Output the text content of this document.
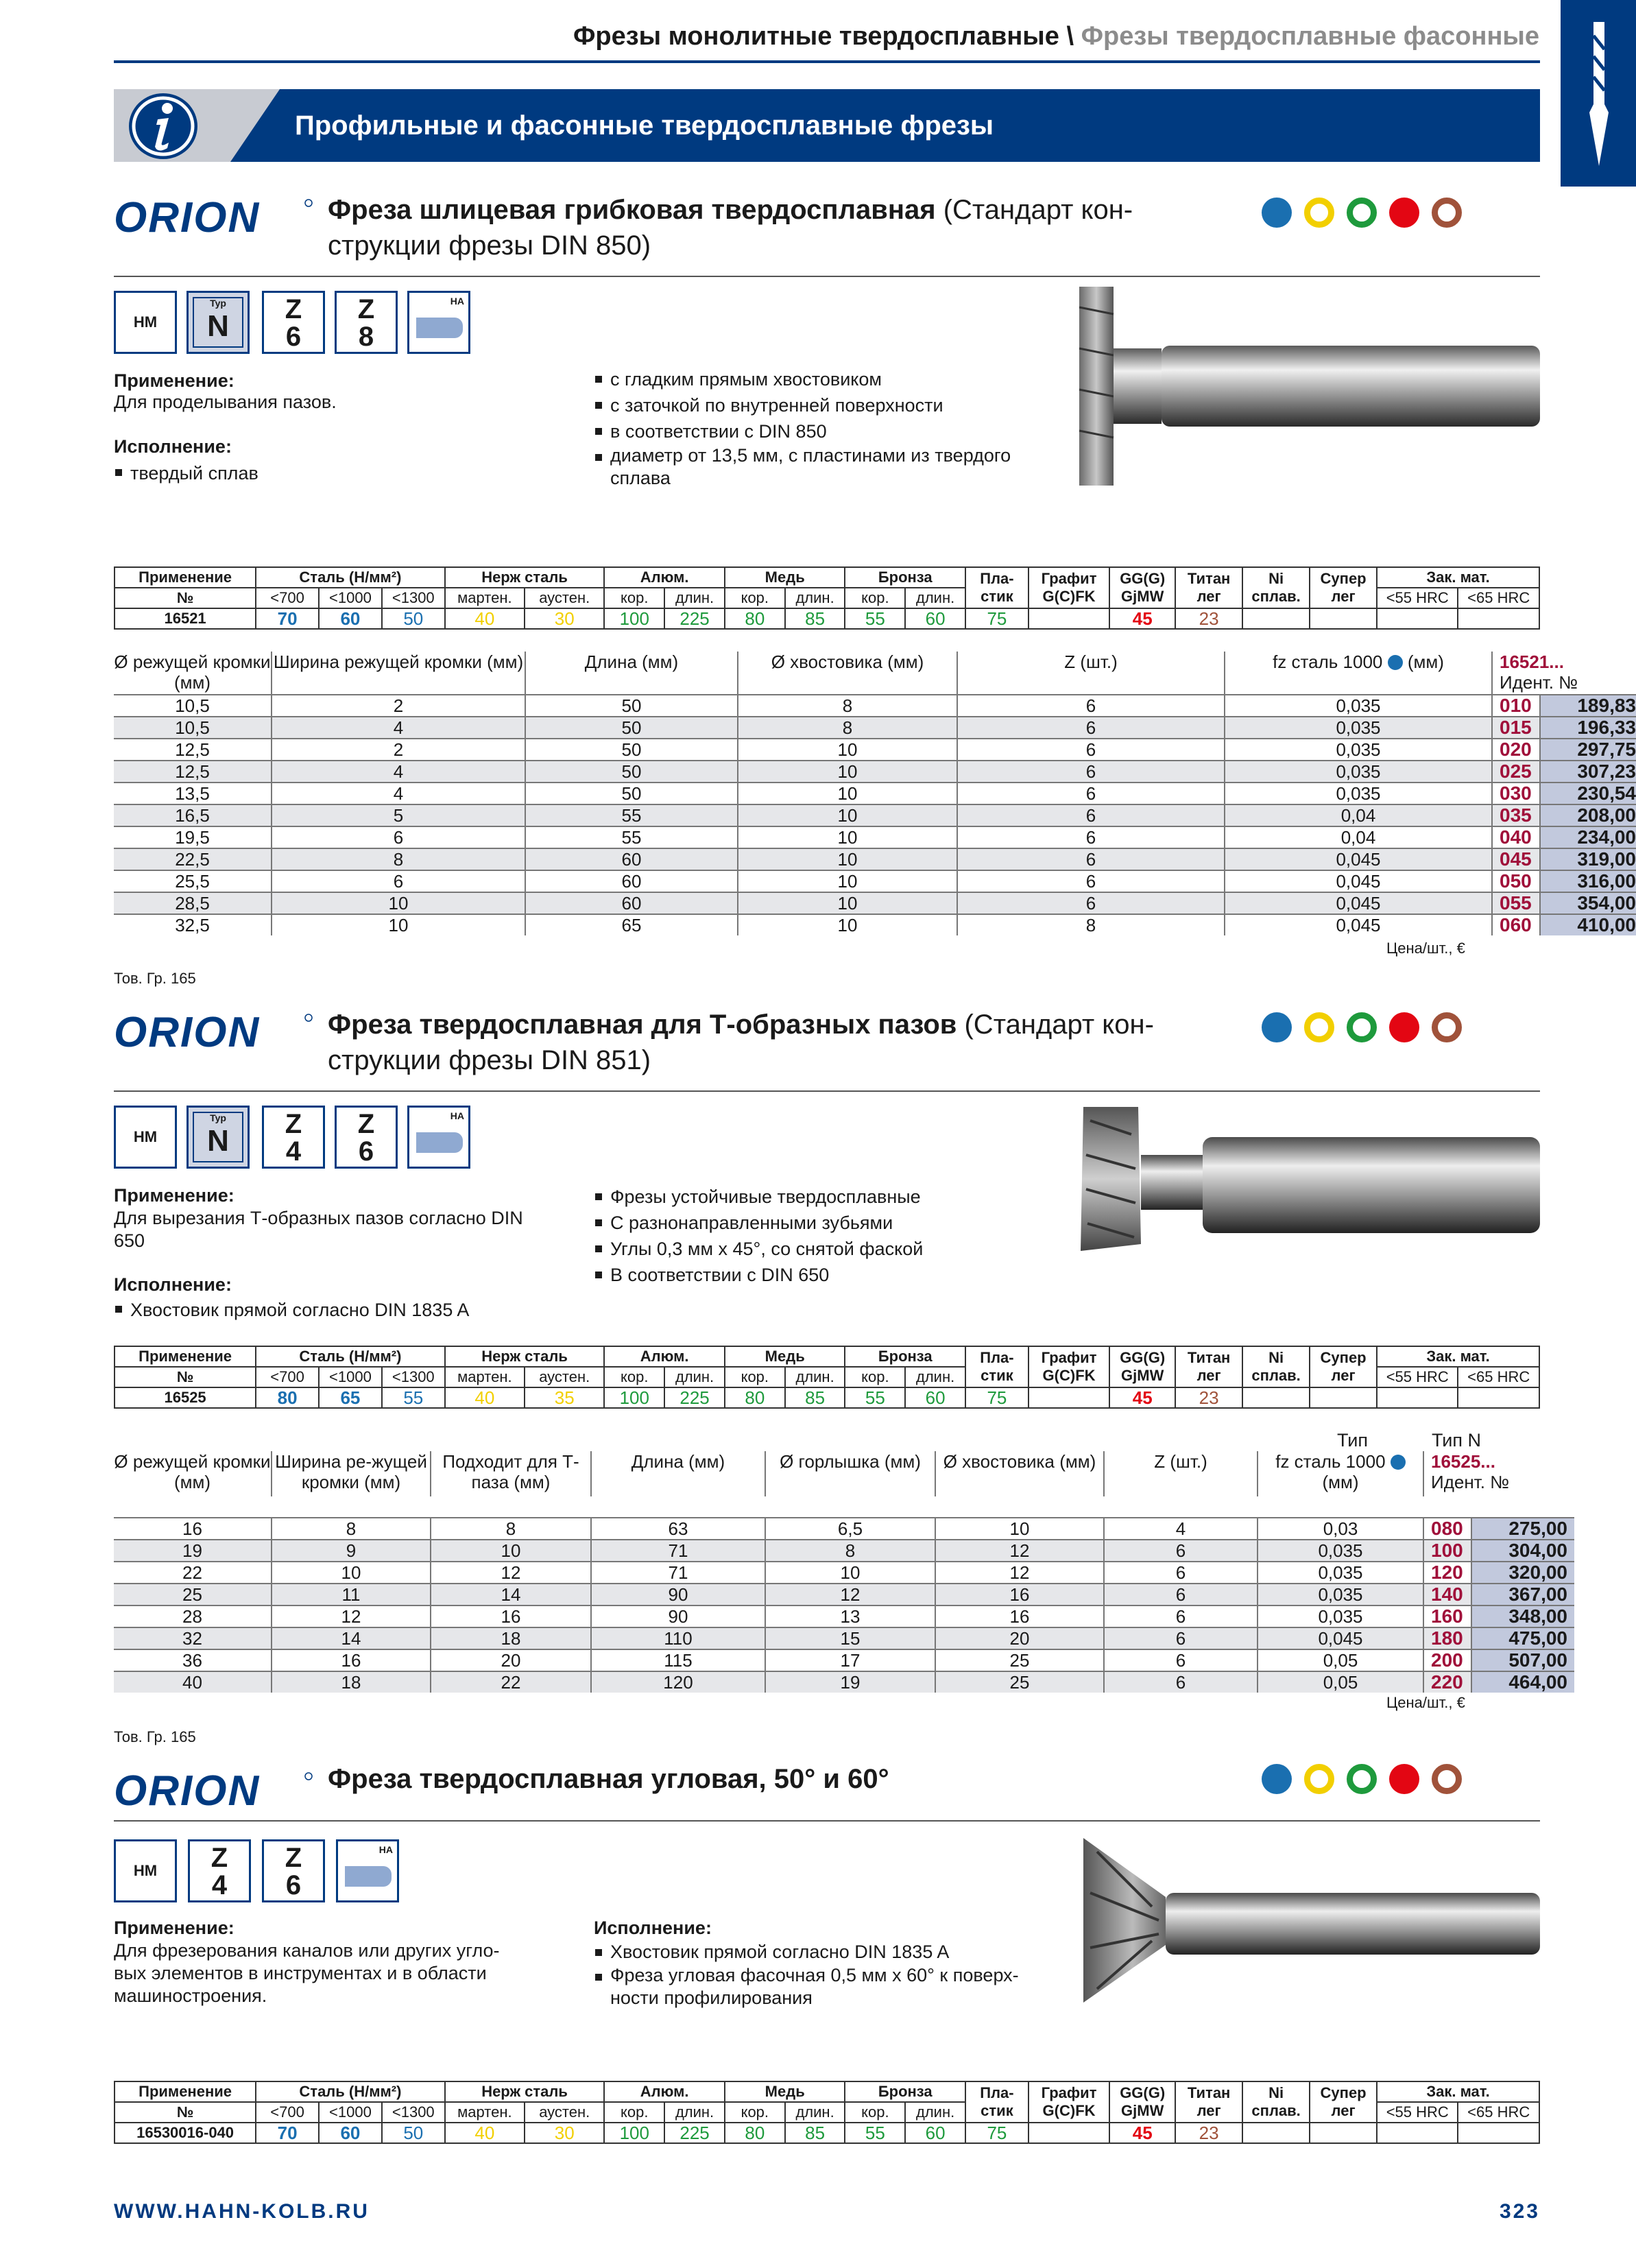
Фрезы монолитные твердосплавные \ Фрезы твердосплавные фасонные
Профильные и фасонные твердосплавные фрезы
ORION Фреза шлицевая грибковая твердосплавная (Стандарт кон-струкции фрезы DIN 850)
HM
Typ
N	Z
6
Z
8
HA
Применение:
Для проделывания пазов.
Исполнение:
твердый сплав
с гладким прямым хвостовиком
с заточкой по внутренней поверхности
в соответствии с DIN 850
диаметр от 13,5 мм, с пластинами из твердого сплава
Применение	Сталь (Н/мм²)			Нерж сталь		Алюм.		Медь		Бронза		Пла-стик	Графит G(C)FK	GG(G) GjMW	Титан лег	Ni сплав.	Супер лег	Зак. мат.	
№	<700	<1000	<1300	мартен.	аустен.	кор.	длин.	кор.	длин.	кор.	длин.							<55 HRC	<65 HRC
16521	70	60	50	40	30	100	225	80	85	55	60	75		45	23				
Ø режущей кромки (мм)	Ширина режущей кромки (мм)	Длина (мм)	Ø хвостовика (мм)	Z (шт.)	fz сталь 1000 (мм)	16521...
Идент. №
10,5	2	50	8	6	0,035	010	189,83
10,5	4	50	8	6	0,035	015	196,33
12,5	2	50	10	6	0,035	020	297,75
12,5	4	50	10	6	0,035	025	307,23
13,5	4	50	10	6	0,035	030	230,54
16,5	5	55	10	6	0,04	035	208,00
19,5	6	55	10	6	0,04	040	234,00
22,5	8	60	10	6	0,045	045	319,00
25,5	6	60	10	6	0,045	050	316,00
28,5	10	60	10	6	0,045	055	354,00
32,5	10	65	10	8	0,045	060	410,00
Цена/шт., €
Тов. Гр. 165
ORION Фреза твердосплавная для Т-образных пазов (Стандарт кон-струкции фрезы DIN 851)
HM
Typ
N	Z
4
Z
6
HA
Применение:
Для вырезания Т-образных пазов согласно DIN 650
Исполнение:
Хвостовик прямой согласно DIN 1835 A
Фрезы устойчивые твердосплавные
С разнонаправленными зубьями
Углы 0,3 мм х 45°, со снятой фаской
В соответствии с DIN 650
Применение	Сталь (Н/мм²)			Нерж сталь		Алюм.		Медь		Бронза		Пла-стик	Графит G(C)FK	GG(G) GjMW	Титан лег	Ni сплав.	Супер лег	Зак. мат.	
№	<700	<1000	<1300	мартен.	аустен.	кор.	длин.	кор.	длин.	кор.	длин.							<55 HRC	<65 HRC
16525	80	65	55	40	35	100	225	80	85	55	60	75		45	23				
Тип	Тип N
Ø режущей кромки (мм)	Ширина ре-жущей кромки (мм)	Подходит для Т-паза (мм)	Длина (мм)	Ø горлышка (мм)	Ø хвостовика (мм)	Z (шт.)	fz сталь 1000
(мм)	16525...
Идент. №
16	8	8	63	6,5	10	4	0,03	080	275,00
19	9	10	71	8	12	6	0,035	100	304,00
22	10	12	71	10	12	6	0,035	120	320,00
25	11	14	90	12	16	6	0,035	140	367,00
28	12	16	90	13	16	6	0,035	160	348,00
32	14	18	110	15	20	6	0,045	180	475,00
36	16	20	115	17	25	6	0,05	200	507,00
40	18	22	120	19	25	6	0,05	220	464,00
Цена/шт., €
Тов. Гр. 165
ORION Фреза твердосплавная угловая, 50° и 60°
HM	Z
4
Z
6
HA
Применение:
Для фрезерования каналов или других угло-вых элементов в инструментах и в области машиностроения.
Исполнение:
Хвостовик прямой согласно DIN 1835 A
Фреза угловая фасочная 0,5 мм х 60° к поверх-ности профилирования
Применение	Сталь (Н/мм²)			Нерж сталь		Алюм.		Медь		Бронза		Пла-стик	Графит G(C)FK	GG(G) GjMW	Титан лег	Ni сплав.	Супер лег	Зак. мат.	
№	<700	<1000	<1300	мартен.	аустен.	кор.	длин.	кор.	длин.	кор.	длин.							<55 HRC	<65 HRC
16530016-040	70	60	50	40	30	100	225	80	85	55	60	75		45	23				
WWW.HAHN-KOLB.RU	323
